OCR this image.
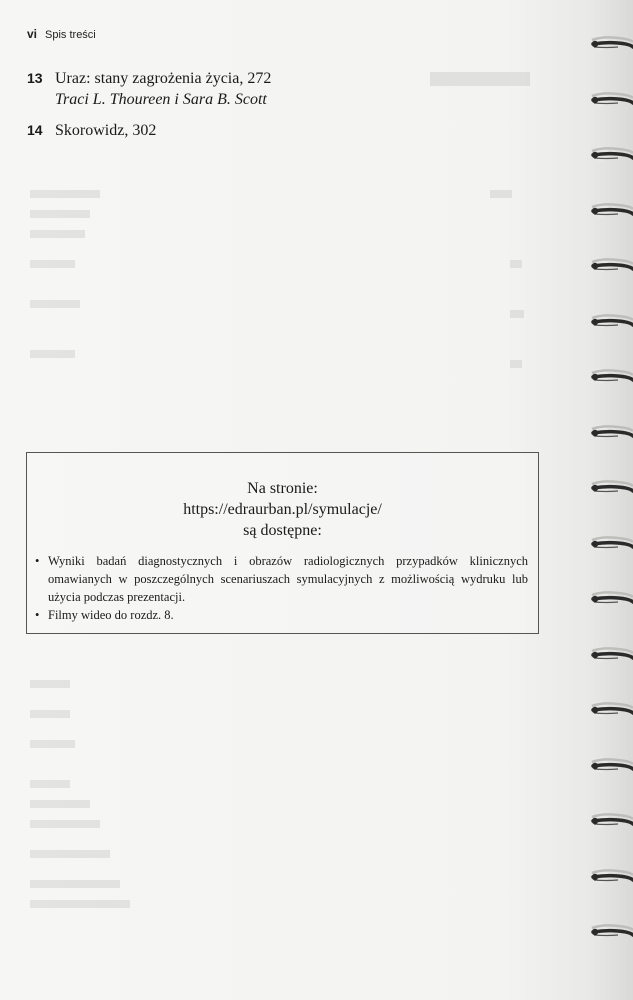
vi Spis treści
13 Uraz: stany zagrożenia życia, 272
Traci L. Thoureen i Sara B. Scott
14 Skorowidz, 302
Na stronie:
https://edraurban.pl/symulacje/
są dostępne:
• Wyniki badań diagnostycznych i obrazów radiologicznych przypadków klinicznych omawianych w poszczególnych scenariuszach symulacyjnych z możliwością wydruku lub użycia podczas prezentacji.
• Filmy wideo do rozdz. 8.
